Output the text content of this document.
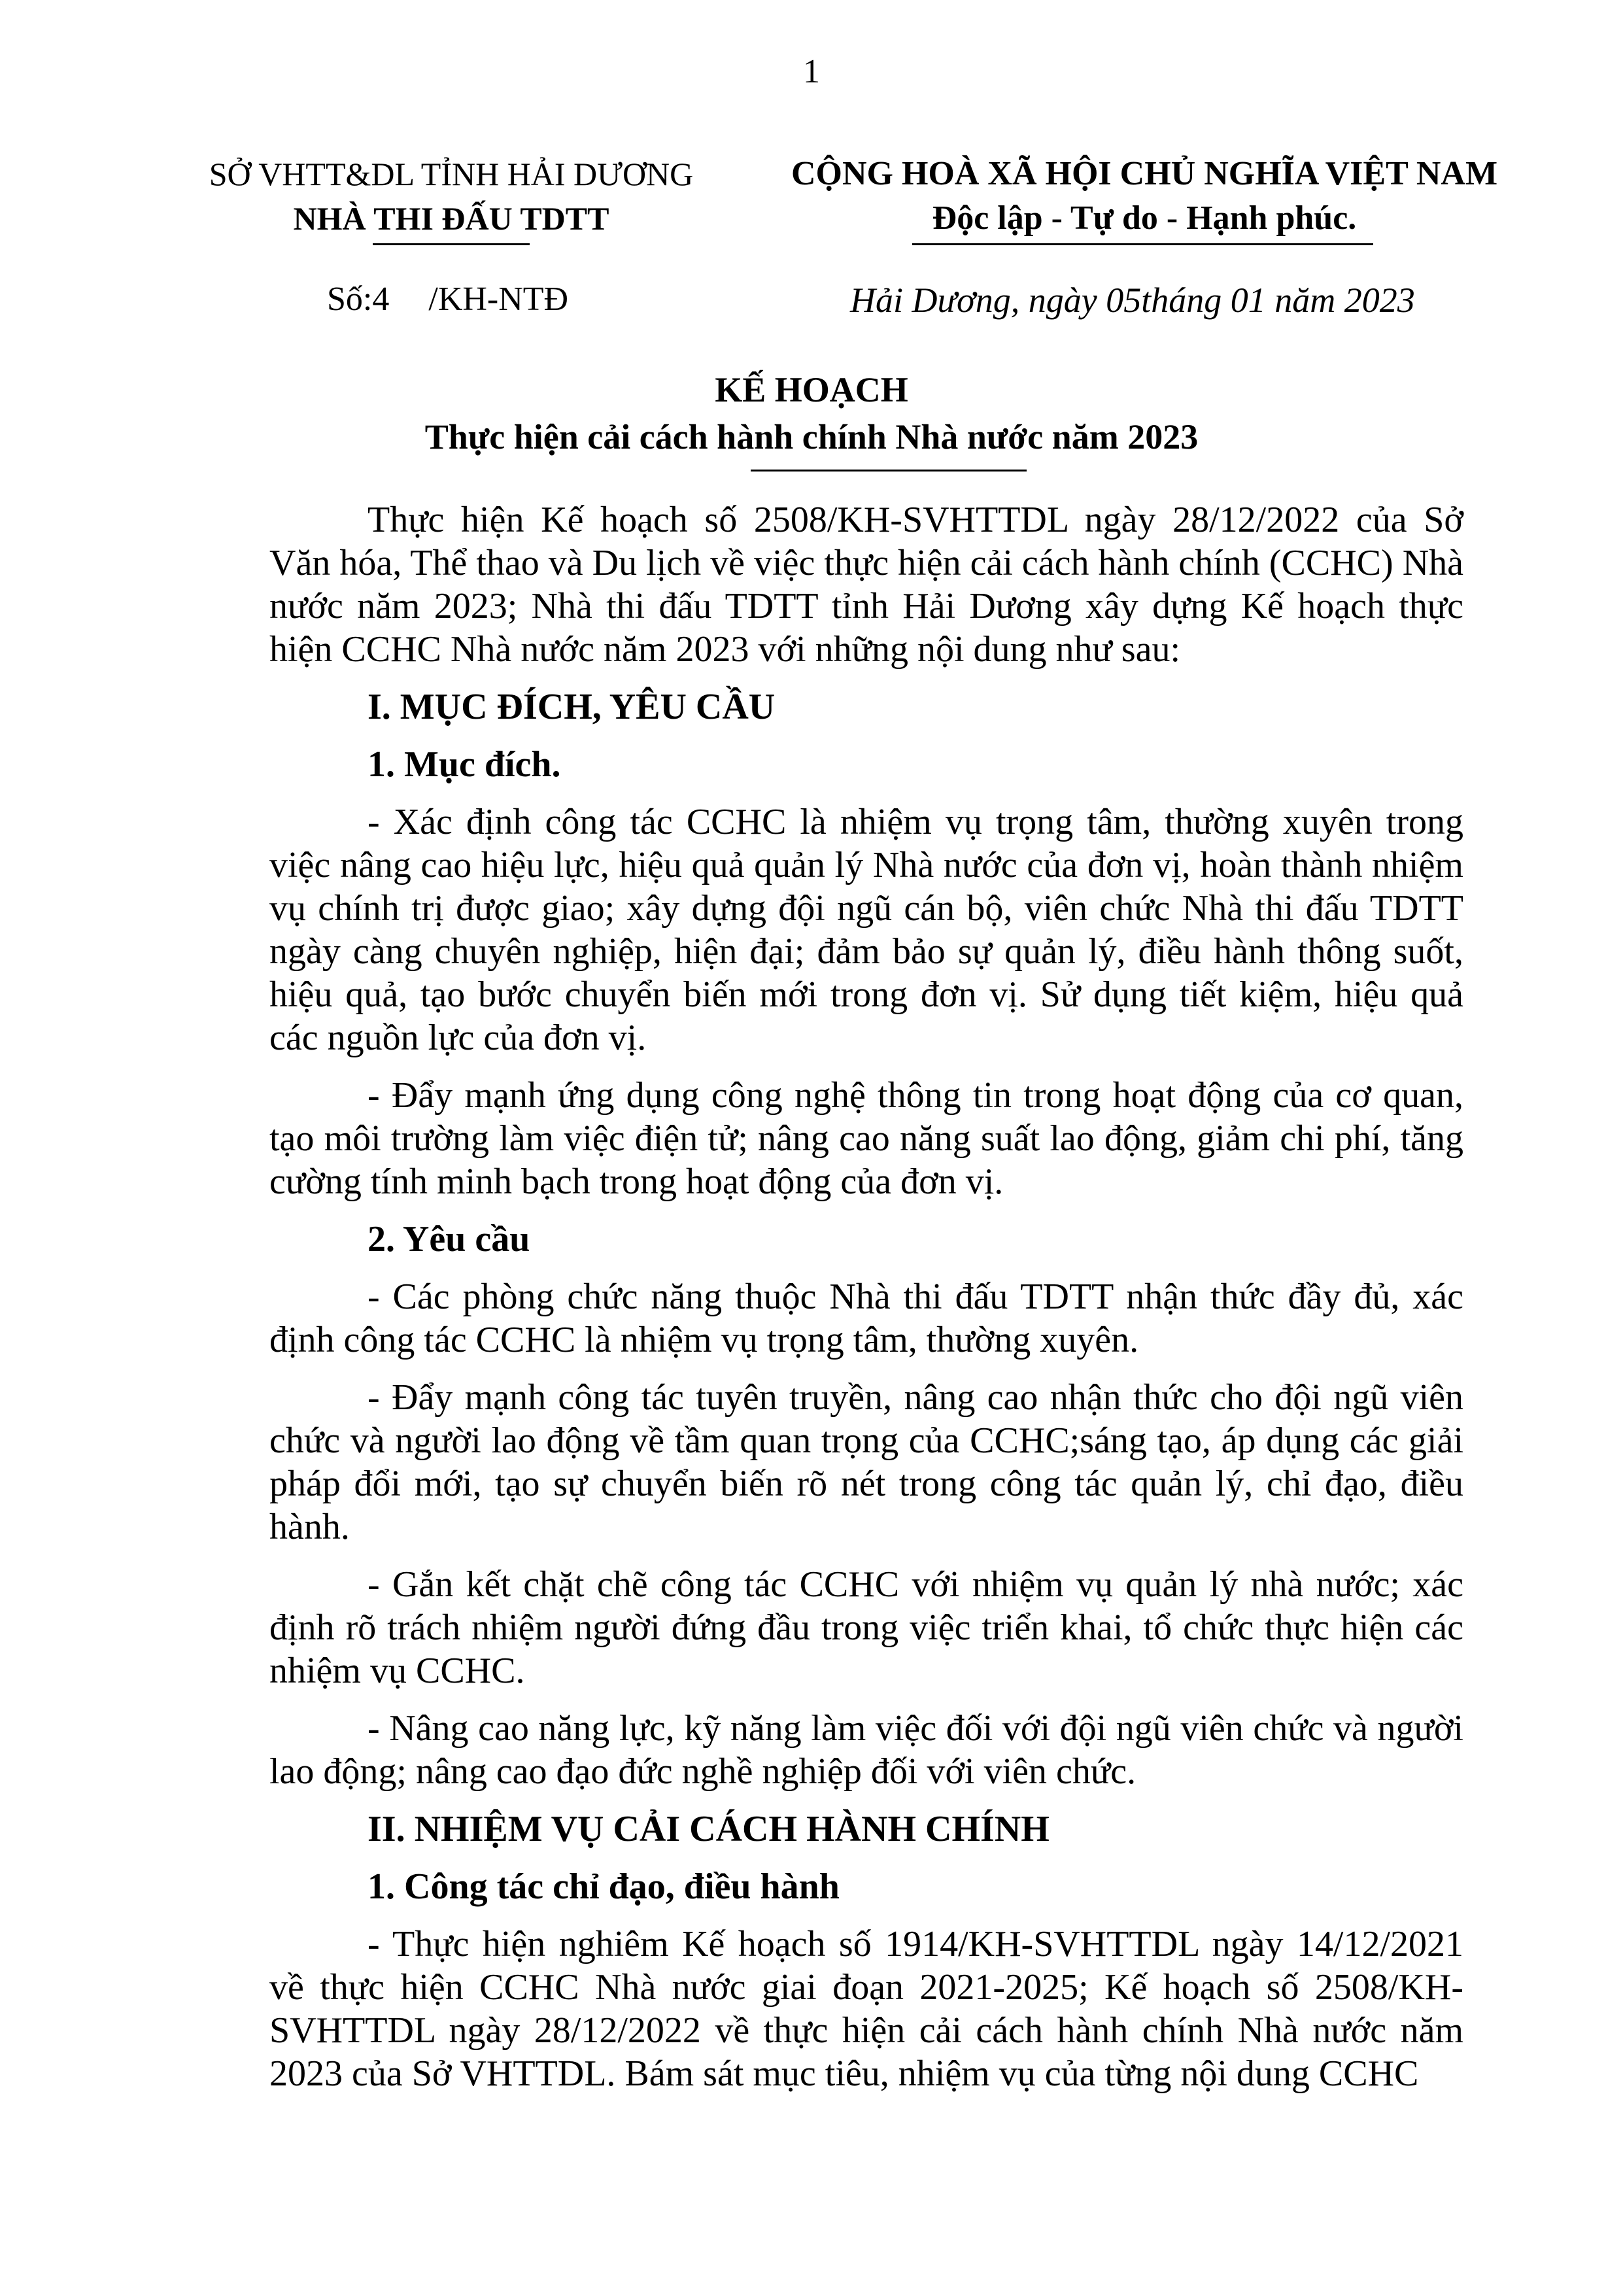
1
SỞ VHTT&DL TỈNH HẢI DƯƠNG
NHÀ THI ĐẤU TDTT
CỘNG HOÀ XÃ HỘI CHỦ NGHĨA VIỆT NAM
Độc lập - Tự do - Hạnh phúc.
Số:4 /KH-NTĐ	Hải Dương, ngày 05tháng 01 năm 2023
KẾ HOẠCH
Thực hiện cải cách hành chính Nhà nước năm 2023

Thực hiện Kế hoạch số 2508/KH-SVHTTDL ngày 28/12/2022 của Sở Văn hóa, Thể thao và Du lịch về việc thực hiện cải cách hành chính (CCHC) Nhà nước năm 2023; Nhà thi đấu TDTT tỉnh Hải Dương xây dựng Kế hoạch thực hiện CCHC Nhà nước năm 2023 với những nội dung như sau:

I. MỤC ĐÍCH, YÊU CẦU

1. Mục đích.

- Xác định công tác CCHC là nhiệm vụ trọng tâm, thường xuyên trong việc nâng cao hiệu lực, hiệu quả quản lý Nhà nước của đơn vị, hoàn thành nhiệm vụ chính trị được giao; xây dựng đội ngũ cán bộ, viên chức Nhà thi đấu TDTT ngày càng chuyên nghiệp, hiện đại; đảm bảo sự quản lý, điều hành thông suốt, hiệu quả, tạo bước chuyển biến mới trong đơn vị. Sử dụng tiết kiệm, hiệu quả các nguồn lực của đơn vị.

- Đẩy mạnh ứng dụng công nghệ thông tin trong hoạt động của cơ quan, tạo môi trường làm việc điện tử; nâng cao năng suất lao động, giảm chi phí, tăng cường tính minh bạch trong hoạt động của đơn vị.

2. Yêu cầu

- Các phòng chức năng thuộc Nhà thi đấu TDTT nhận thức đầy đủ, xác định công tác CCHC là nhiệm vụ trọng tâm, thường xuyên.

- Đẩy mạnh công tác tuyên truyền, nâng cao nhận thức cho đội ngũ viên chức và người lao động về tầm quan trọng của CCHC;sáng tạo, áp dụng các giải pháp đổi mới, tạo sự chuyển biến rõ nét trong công tác quản lý, chỉ đạo, điều hành.

- Gắn kết chặt chẽ công tác CCHC với nhiệm vụ quản lý nhà nước; xác định rõ trách nhiệm người đứng đầu trong việc triển khai, tổ chức thực hiện các nhiệm vụ CCHC.

- Nâng cao năng lực, kỹ năng làm việc đối với đội ngũ viên chức và người lao động; nâng cao đạo đức nghề nghiệp đối với viên chức.

II. NHIỆM VỤ CẢI CÁCH HÀNH CHÍNH

1. Công tác chỉ đạo, điều hành

- Thực hiện nghiêm Kế hoạch số 1914/KH-SVHTTDL ngày 14/12/2021 về thực hiện CCHC Nhà nước giai đoạn 2021-2025; Kế hoạch số 2508/KH-SVHTTDL ngày 28/12/2022 về thực hiện cải cách hành chính Nhà nước năm 2023 của Sở VHTTDL. Bám sát mục tiêu, nhiệm vụ của từng nội dung CCHC
